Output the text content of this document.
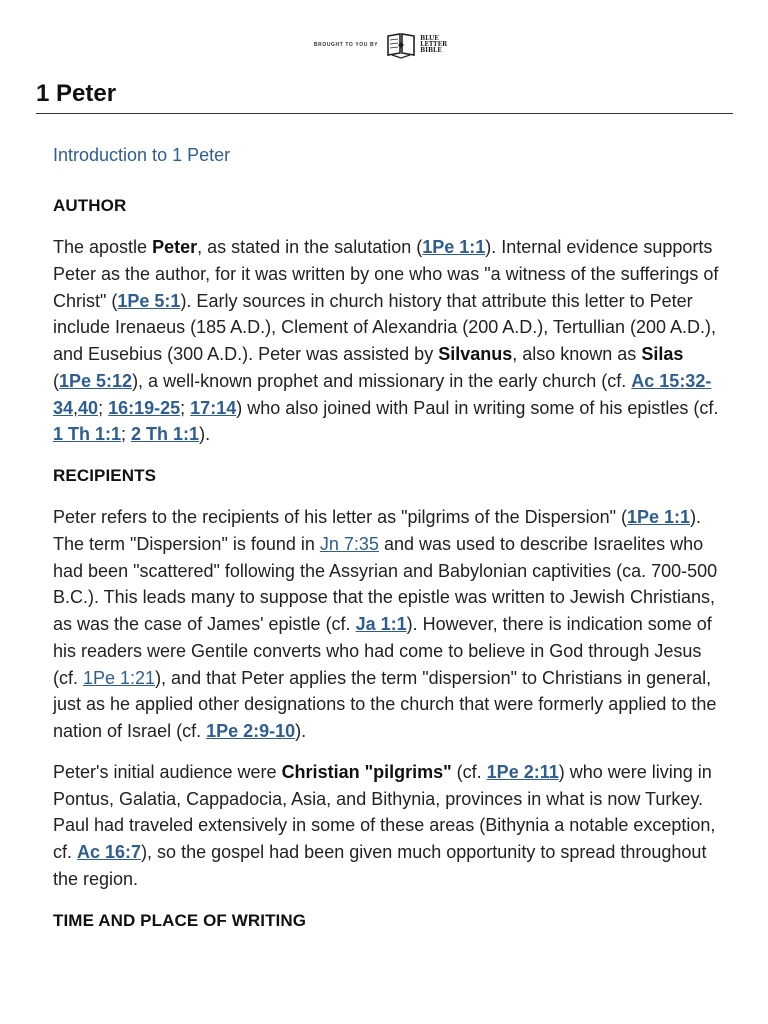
BROUGHT TO YOU BY
BLUE LETTER BIBLE
1 Peter
Introduction to 1 Peter
AUTHOR

The apostle Peter, as stated in the salutation (1Pe 1:1). Internal evidence supports Peter as the author, for it was written by one who was "a witness of the sufferings of Christ" (1Pe 5:1). Early sources in church history that attribute this letter to Peter include Irenaeus (185 A.D.), Clement of Alexandria (200 A.D.), Tertullian (200 A.D.), and Eusebius (300 A.D.). Peter was assisted by Silvanus, also known as Silas (1Pe 5:12), a well-known prophet and missionary in the early church (cf. Ac 15:32-34,40; 16:19-25; 17:14) who also joined with Paul in writing some of his epistles (cf. 1 Th 1:1; 2 Th 1:1).

RECIPIENTS

Peter refers to the recipients of his letter as "pilgrims of the Dispersion" (1Pe 1:1). The term "Dispersion" is found in Jn 7:35 and was used to describe Israelites who had been "scattered" following the Assyrian and Babylonian captivities (ca. 700-500 B.C.). This leads many to suppose that the epistle was written to Jewish Christians, as was the case of James' epistle (cf. Ja 1:1). However, there is indication some of his readers were Gentile converts who had come to believe in God through Jesus (cf. 1Pe 1:21), and that Peter applies the term "dispersion" to Christians in general, just as he applied other designations to the church that were formerly applied to the nation of Israel (cf. 1Pe 2:9-10).

Peter's initial audience were Christian "pilgrims" (cf. 1Pe 2:11) who were living in Pontus, Galatia, Cappadocia, Asia, and Bithynia, provinces in what is now Turkey. Paul had traveled extensively in some of these areas (Bithynia a notable exception, cf. Ac 16:7), so the gospel had been given much opportunity to spread throughout the region.

TIME AND PLACE OF WRITING
